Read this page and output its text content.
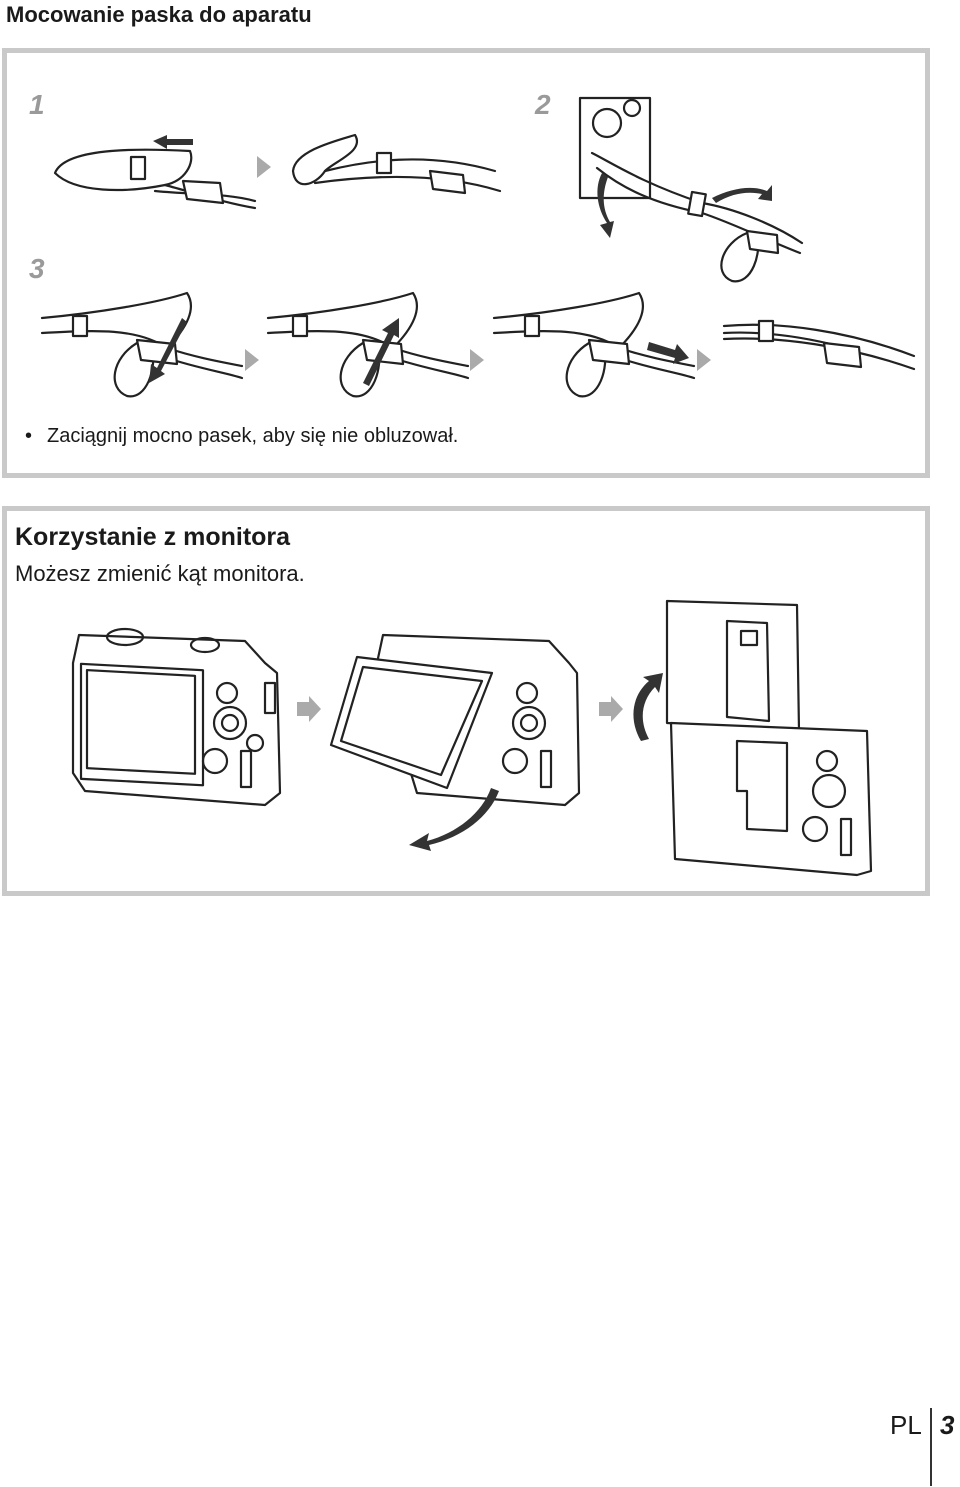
Mocowanie paska do aparatu
1	2
3
• Zaciągnij mocno pasek, aby się nie obluzował.
Korzystanie z monitora
Możesz zmienić kąt monitora.
PL 3
